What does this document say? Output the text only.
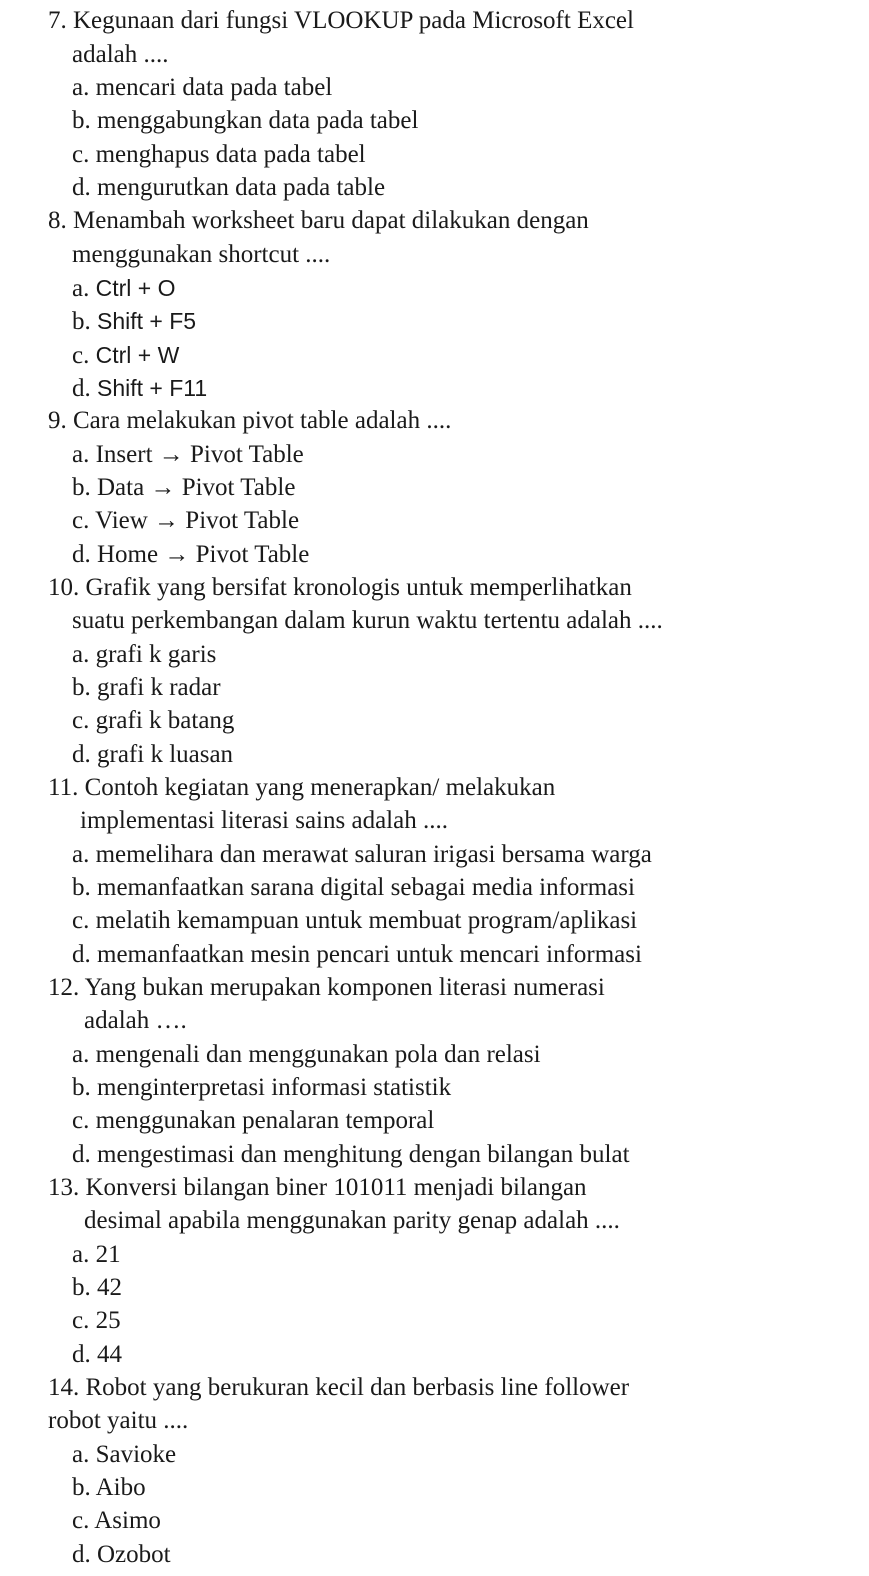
7. Kegunaan dari fungsi VLOOKUP pada Microsoft Excel
adalah ....
a. mencari data pada tabel
b. menggabungkan data pada tabel
c. menghapus data pada tabel
d. mengurutkan data pada table
8. Menambah worksheet baru dapat dilakukan dengan
menggunakan shortcut ....
a. Ctrl + O
b. Shift + F5
c. Ctrl + W
d. Shift + F11
9. Cara melakukan pivot table adalah ....
a. Insert → Pivot Table
b. Data → Pivot Table
c. View → Pivot Table
d. Home → Pivot Table
10. Grafik yang bersifat kronologis untuk memperlihatkan
suatu perkembangan dalam kurun waktu tertentu adalah ....
a. grafi k garis
b. grafi k radar
c. grafi k batang
d. grafi k luasan
11. Contoh kegiatan yang menerapkan/ melakukan
implementasi literasi sains adalah ....
a. memelihara dan merawat saluran irigasi bersama warga
b. memanfaatkan sarana digital sebagai media informasi
c. melatih kemampuan untuk membuat program/aplikasi
d. memanfaatkan mesin pencari untuk mencari informasi
12. Yang bukan merupakan komponen literasi numerasi
adalah ….
a. mengenali dan menggunakan pola dan relasi
b. menginterpretasi informasi statistik
c. menggunakan penalaran temporal
d. mengestimasi dan menghitung dengan bilangan bulat
13. Konversi bilangan biner 101011 menjadi bilangan
desimal apabila menggunakan parity genap adalah ....
a. 21
b. 42
c. 25
d. 44
14. Robot yang berukuran kecil dan berbasis line follower
robot yaitu ....
a. Savioke
b. Aibo
c. Asimo
d. Ozobot
